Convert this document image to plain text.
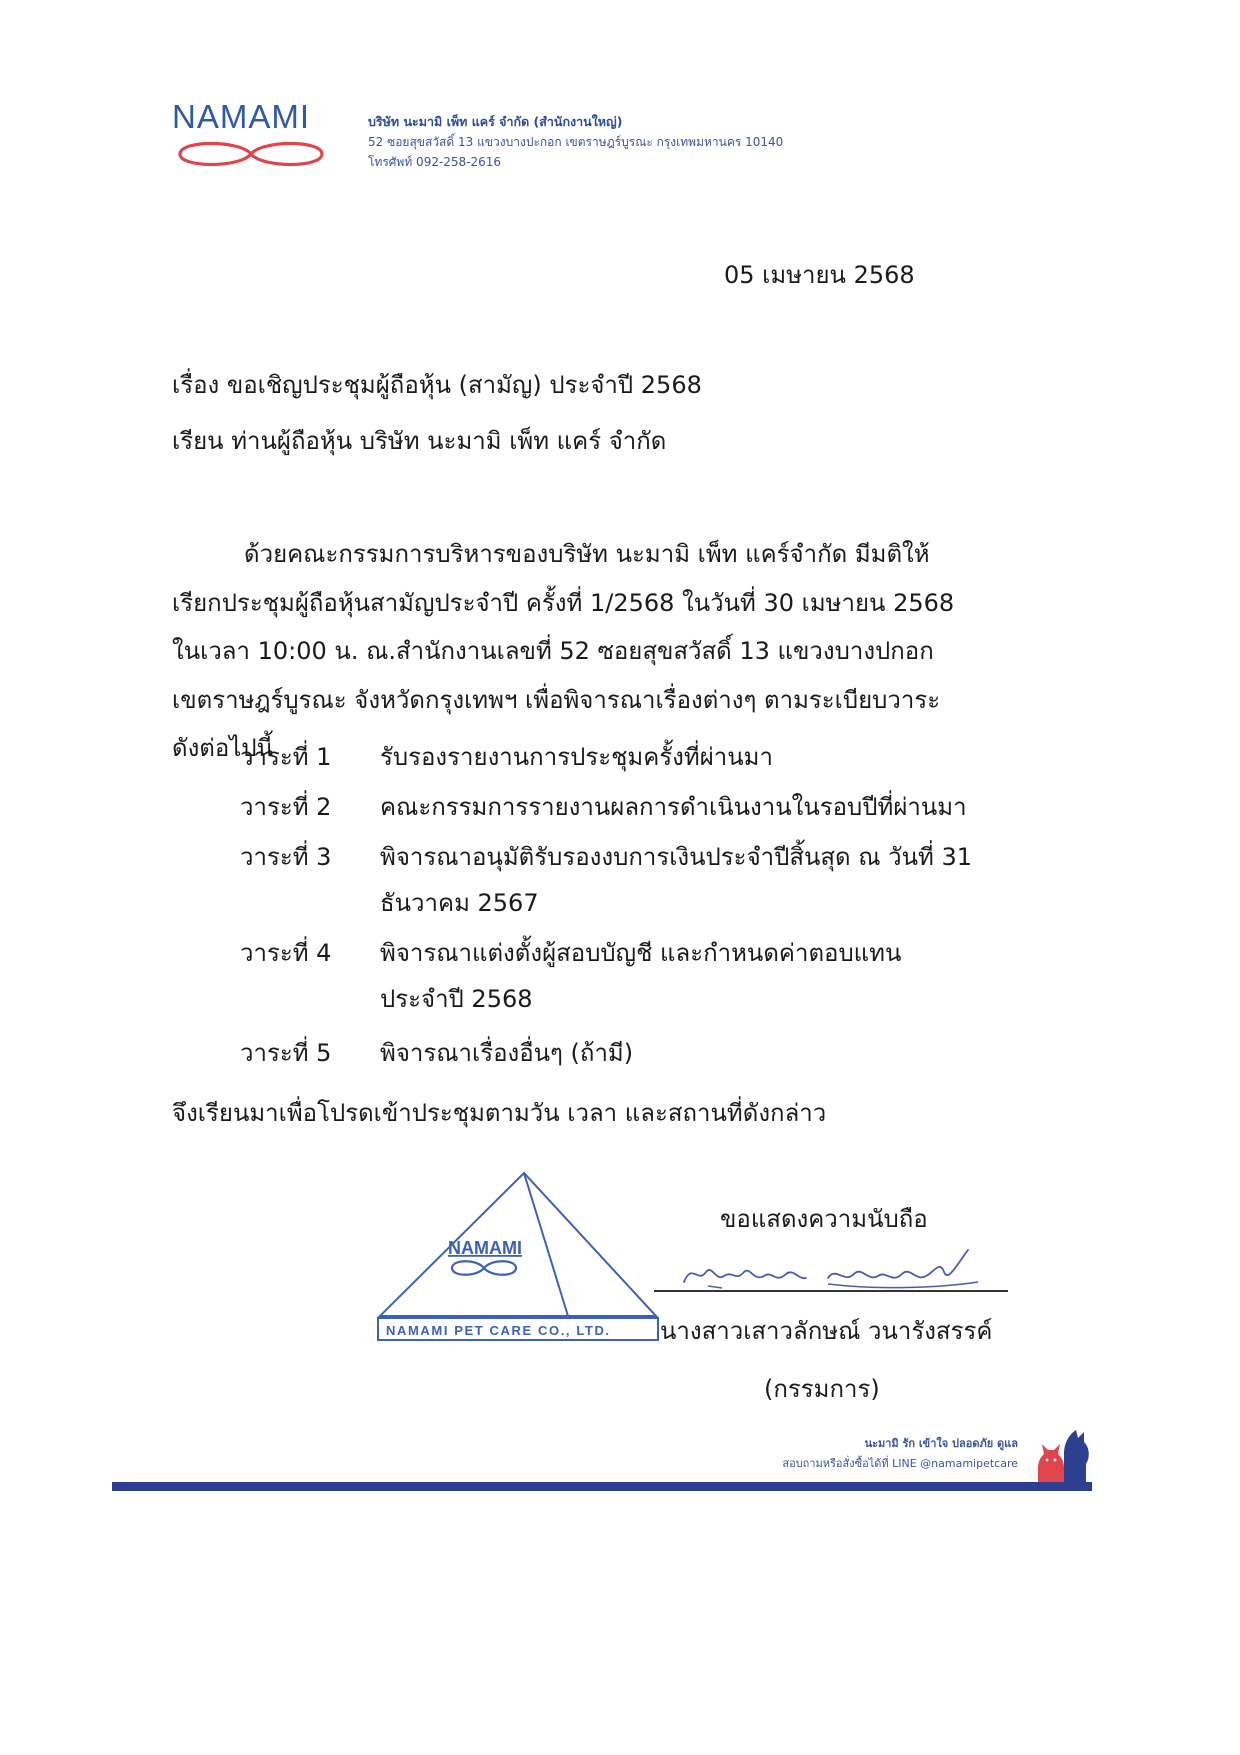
NAMAMI	บริษัท นะมามิ เพ็ท แคร์ จำกัด (สำนักงานใหญ่)
52 ซอยสุขสวัสดิ์ 13 แขวงบางปะกอก เขตราษฎร์บูรณะ กรุงเทพมหานคร 10140
โทรศัพท์ 092-258-2616
05 เมษายน 2568
เรื่อง ขอเชิญประชุมผู้ถือหุ้น (สามัญ) ประจำปี 2568
เรียน ท่านผู้ถือหุ้น บริษัท นะมามิ เพ็ท แคร์ จำกัด
ด้วยคณะกรรมการบริหารของบริษัท นะมามิ เพ็ท แคร์จำกัด มีมติให้
เรียกประชุมผู้ถือหุ้นสามัญประจำปี ครั้งที่ 1/2568 ในวันที่ 30 เมษายน 2568
ในเวลา 10:00 น. ณ.สำนักงานเลขที่ 52 ซอยสุขสวัสดิ์ 13 แขวงบางปกอก
เขตราษฎร์บูรณะ จังหวัดกรุงเทพฯ เพื่อพิจารณาเรื่องต่างๆ ตามระเบียบวาระ
ดังต่อไปนี้
วาระที่ 1 รับรองรายงานการประชุมครั้งที่ผ่านมา
วาระที่ 2 คณะกรรมการรายงานผลการดำเนินงานในรอบปีที่ผ่านมา
วาระที่ 3 พิจารณาอนุมัติรับรองงบการเงินประจำปีสิ้นสุด ณ วันที่ 31
ธันวาคม 2567
วาระที่ 4 พิจารณาแต่งตั้งผู้สอบบัญชี และกำหนดค่าตอบแทน
ประจำปี 2568
วาระที่ 5 พิจารณาเรื่องอื่นๆ (ถ้ามี)
จึงเรียนมาเพื่อโปรดเข้าประชุมตามวัน เวลา และสถานที่ดังกล่าว
NAMAMI
NAMAMI PET CARE CO., LTD.
ขอแสดงความนับถือ
นางสาวเสาวลักษณ์ วนารังสรรค์
(กรรมการ)
นะมามิ รัก เข้าใจ ปลอดภัย ดูแล
สอบถามหรือสั่งซื้อได้ที่ LINE @namamipetcare
